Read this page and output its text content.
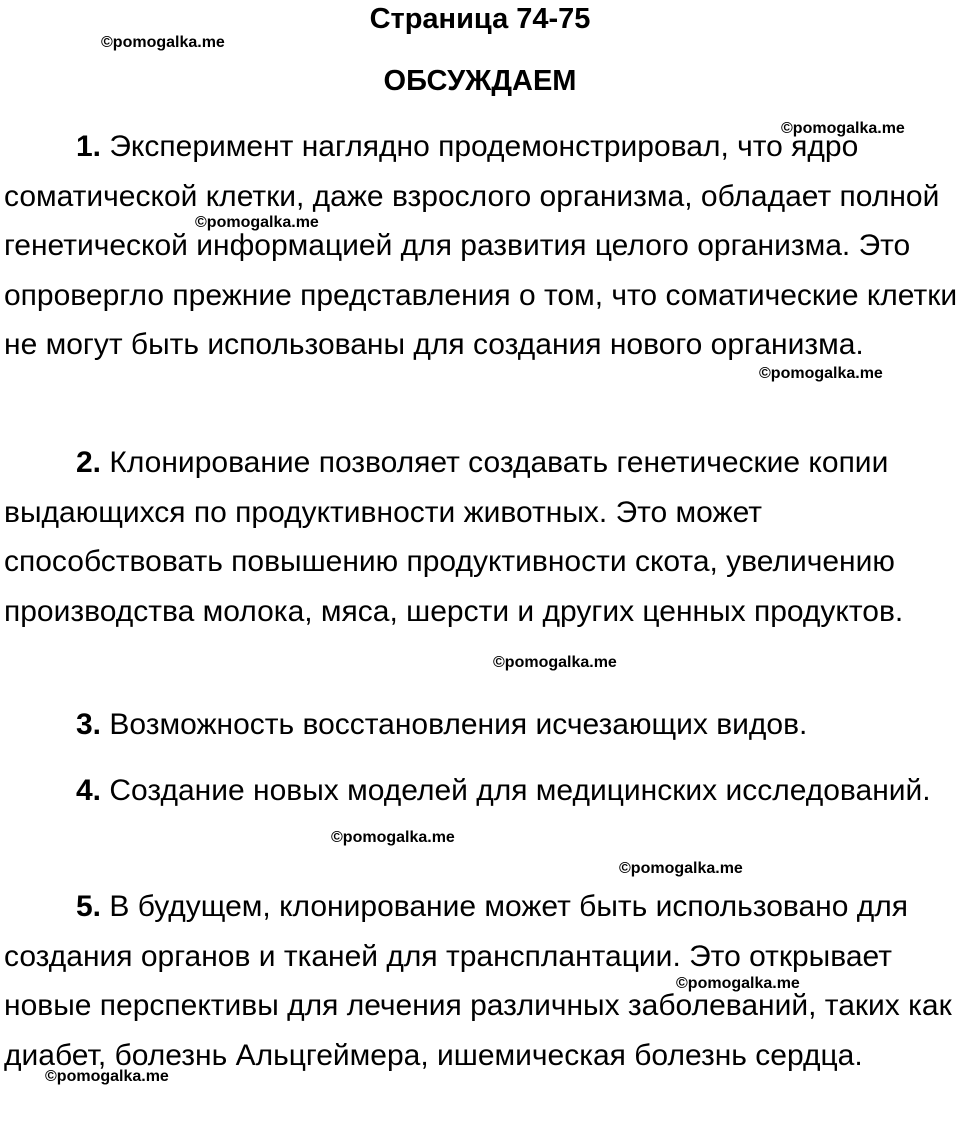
Страница 74-75
ОБСУЖДАЕМ

1. Эксперимент наглядно продемонстрировал, что ядро соматической клетки, даже взрослого организма, обладает полной генетической информацией для развития целого организма. Это опровергло прежние представления о том, что соматические клетки не могут быть использованы для создания нового организма.

2. Клонирование позволяет создавать генетические копии выдающихся по продуктивности животных. Это может способствовать повышению продуктивности скота, увеличению производства молока, мяса, шерсти и других ценных продуктов.

3. Возможность восстановления исчезающих видов.

4. Создание новых моделей для медицинских исследований.

5. В будущем, клонирование может быть использовано для создания органов и тканей для трансплантации. Это открывает новые перспективы для лечения различных заболеваний, таких как диабет, болезнь Альцгеймера, ишемическая болезнь сердца.

©pomogalka.me
©pomogalka.me
©pomogalka.me
©pomogalka.me
©pomogalka.me
©pomogalka.me
©pomogalka.me
©pomogalka.me
©pomogalka.me
